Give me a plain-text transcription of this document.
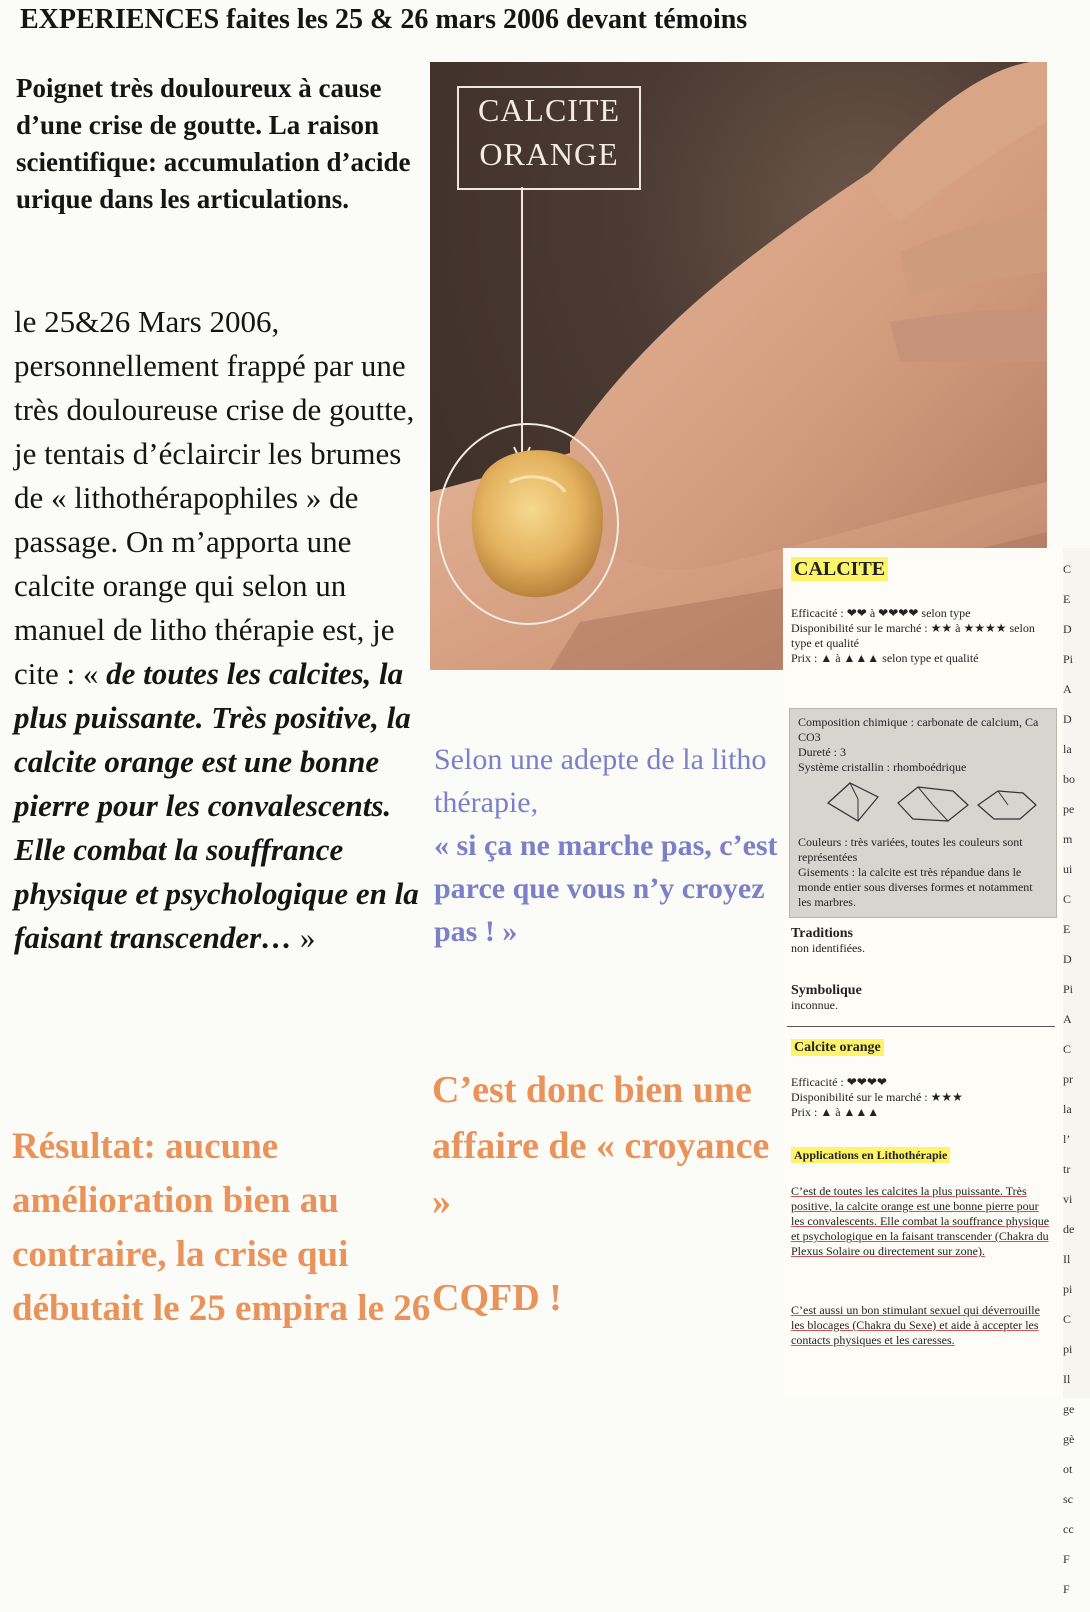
EXPERIENCES faites les 25 & 26 mars 2006 devant témoins
Poignet très douloureux à cause d’une crise de goutte. La raison scientifique: accumulation d’acide urique dans les articulations.
le 25&26 Mars 2006, personnellement frappé par une très douloureuse crise de goutte, je tentais d’éclaircir les brumes de « lithothérapophiles » de passage. On m’apporta une calcite orange qui selon un manuel de litho thérapie est, je cite : « de toutes les calcites, la plus puissante. Très positive, la calcite orange est une bonne pierre pour les convalescents. Elle combat la souffrance physique et psychologique en la faisant transcender… »
Résultat: aucune amélioration bien au contraire, la crise qui débutait le 25 empira le 26
CALCITE
ORANGE
Selon une adepte de la litho thérapie,
« si ça ne marche pas, c’est parce que vous n’y croyez pas ! »
C’est donc bien une affaire de « croyance »
CQFD !
CALCITE
Efficacité : ❤❤ à ❤❤❤❤ selon type
Disponibilité sur le marché : ★★ à ★★★★ selon type et qualité
Prix : ▲ à ▲▲▲ selon type et qualité
Composition chimique : carbonate de calcium, Ca CO3
Dureté : 3
Système cristallin : rhomboédrique
Couleurs : très variées, toutes les couleurs sont représentées
Gisements : la calcite est très répandue dans le monde entier sous diverses formes et notamment les marbres.
Traditions
non identifiées.
Symbolique
inconnue.
Calcite orange
Efficacité : ❤❤❤❤
Disponibilité sur le marché : ★★★
Prix : ▲ à ▲▲▲
Applications en Lithothérapie
C’est de toutes les calcites la plus puissante. Très positive, la calcite orange est une bonne pierre pour les convalescents. Elle combat la souffrance physique et psychologique en la faisant transcender (Chakra du Plexus Solaire ou directement sur zone).
C’est aussi un bon stimulant sexuel qui déverrouille les blocages (Chakra du Sexe) et aide à accepter les contacts physiques et les caresses.
C
E
D
Pi
A
D
la
bo
pe
m
ui
C
E
D
Pi
A
C
pr
la
l’
tr
vi
de
Il
pi
C
pi
Il
ge
gè
ot
sc
cc
F
F
